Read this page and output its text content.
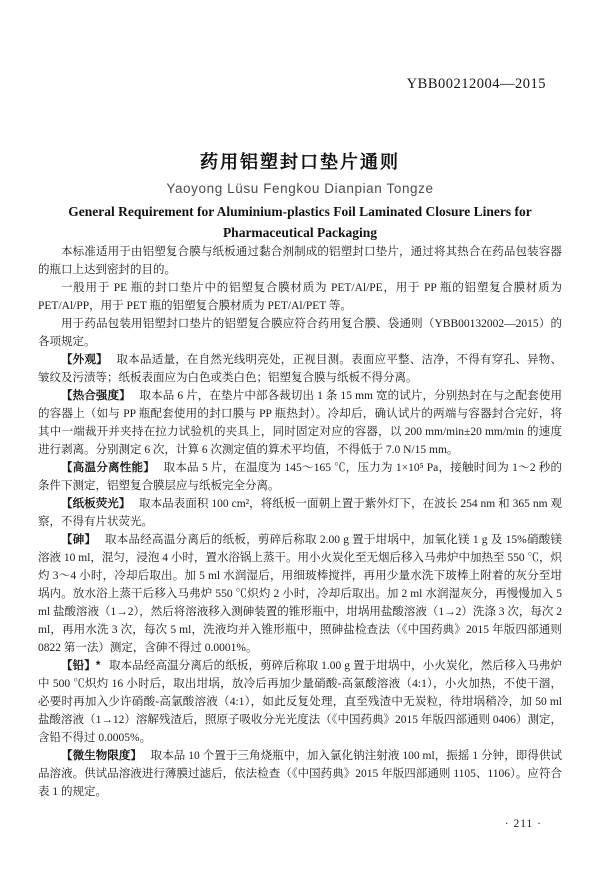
YBB00212004—2015
药用铝塑封口垫片通则
Yaoyong Lüsu Fengkou Dianpian Tongze
General Requirement for Aluminium-plastics Foil Laminated Closure Liners for
Pharmaceutical Packaging

本标准适用于由铝塑复合膜与纸板通过黏合剂制成的铝塑封口垫片，通过将其热合在药品包装容器的瓶口上达到密封的目的。

一般用于 PE 瓶的封口垫片中的铝塑复合膜材质为 PET/Al/PE，用于 PP 瓶的铝塑复合膜材质为 PET/Al/PP，用于 PET 瓶的铝塑复合膜材质为 PET/Al/PET 等。

用于药品包装用铝塑封口垫片的铝塑复合膜应符合药用复合膜、袋通则（YBB00132002—2015）的各项规定。

【外观】 取本品适量，在自然光线明亮处，正视目测。表面应平整、洁净，不得有穿孔、异物、皱纹及污渍等；纸板表面应为白色或类白色；铝塑复合膜与纸板不得分离。

【热合强度】 取本品 6 片，在垫片中部各裁切出 1 条 15 mm 宽的试片，分别热封在与之配套使用的容器上（如与 PP 瓶配套使用的封口膜与 PP 瓶热封）。冷却后，确认试片的两端与容器封合完好，将其中一端裁开并夹持在拉力试验机的夹具上，同时固定对应的容器，以 200 mm/min±20 mm/min 的速度进行剥离。分别测定 6 次，计算 6 次测定值的算术平均值，不得低于 7.0 N/15 mm。

【高温分离性能】 取本品 5 片，在温度为 145～165 ℃，压力为 1×10⁵ Pa，接触时间为 1～2 秒的条件下测定，铝塑复合膜层应与纸板完全分离。

【纸板荧光】 取本品表面积 100 cm²，将纸板一面朝上置于紫外灯下，在波长 254 nm 和 365 nm 观察，不得有片状荧光。

【砷】 取本品经高温分离后的纸板，剪碎后称取 2.00 g 置于坩埚中，加氧化镁 1 g 及 15%硝酸镁溶液 10 ml，混匀，浸泡 4 小时，置水浴锅上蒸干。用小火炭化至无烟后移入马弗炉中加热至 550 ℃，炽灼 3～4 小时，冷却后取出。加 5 ml 水润湿后，用细玻棒搅拌，再用少量水洗下玻棒上附着的灰分至坩埚内。放水浴上蒸干后移入马弗炉 550 ℃炽灼 2 小时，冷却后取出。加 2 ml 水润湿灰分，再慢慢加入 5 ml 盐酸溶液（1→2），然后将溶液移入测砷装置的锥形瓶中，坩埚用盐酸溶液（1→2）洗涤 3 次，每次 2 ml，再用水洗 3 次，每次 5 ml，洗液均并入锥形瓶中，照砷盐检查法（《中国药典》2015 年版四部通则 0822 第一法）测定，含砷不得过 0.0001%。

【铅】* 取本品经高温分离后的纸板，剪碎后称取 1.00 g 置于坩埚中，小火炭化，然后移入马弗炉中 500 ℃炽灼 16 小时后，取出坩埚，放冷后再加少量硝酸-高氯酸溶液（4:1），小火加热，不使干涸，必要时再加入少许硝酸-高氯酸溶液（4:1），如此反复处理，直至残渣中无炭粒，待坩埚稍冷，加 50 ml 盐酸溶液（1→12）溶解残渣后，照原子吸收分光光度法（《中国药典》2015 年版四部通则 0406）测定，含铅不得过 0.0005%。

【微生物限度】 取本品 10 个置于三角烧瓶中，加入氯化钠注射液 100 ml，振摇 1 分钟，即得供试品溶液。供试品溶液进行薄膜过滤后，依法检查（《中国药典》2015 年版四部通则 1105、1106）。应符合表 1 的规定。

· 211 ·
